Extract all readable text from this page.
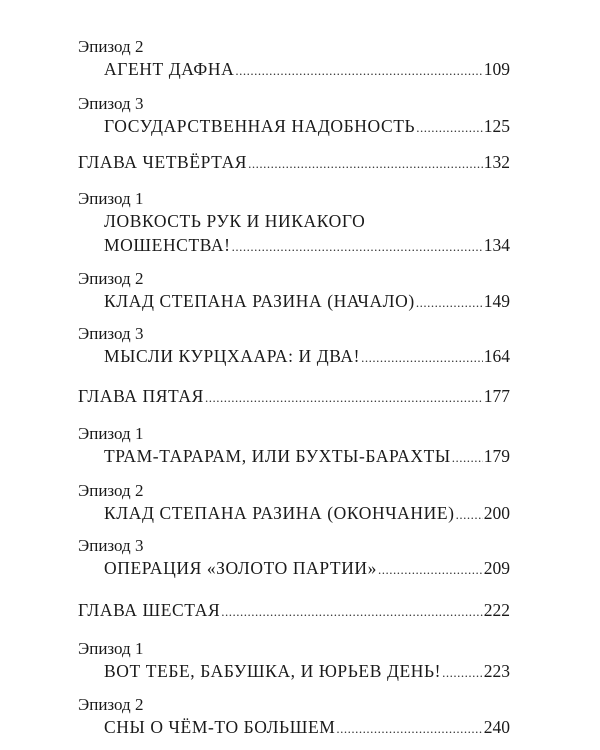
Эпизод 2
АГЕНТ ДАФНА .....	109
Эпизод 3
ГОСУДАРСТВЕННАЯ НАДОБНОСТЬ .....	125
ГЛАВА ЧЕТВЁРТАЯ .....	132
Эпизод 1
ЛОВКОСТЬ РУК И НИКАКОГО
МОШЕНСТВА! .....	134
Эпизод 2
КЛАД СТЕПАНА РАЗИНА (НАЧАЛО) .....	149
Эпизод 3
МЫСЛИ КУРЦХААРА: И ДВА! .....	164
ГЛАВА ПЯТАЯ .....	177
Эпизод 1
ТРАМ-ТАРАРАМ, ИЛИ БУХТЫ-БАРАХТЫ ..... 179
Эпизод 2
КЛАД СТЕПАНА РАЗИНА (ОКОНЧАНИЕ) ..... 200
Эпизод 3
ОПЕРАЦИЯ «ЗОЛОТО ПАРТИИ» .....	209
ГЛАВА ШЕСТАЯ .....	222
Эпизод 1
ВОТ ТЕБЕ, БАБУШКА, И ЮРЬЕВ ДЕНЬ! ..... 223
Эпизод 2
СНЫ О ЧЁМ-ТО БОЛЬШЕМ .....	240
